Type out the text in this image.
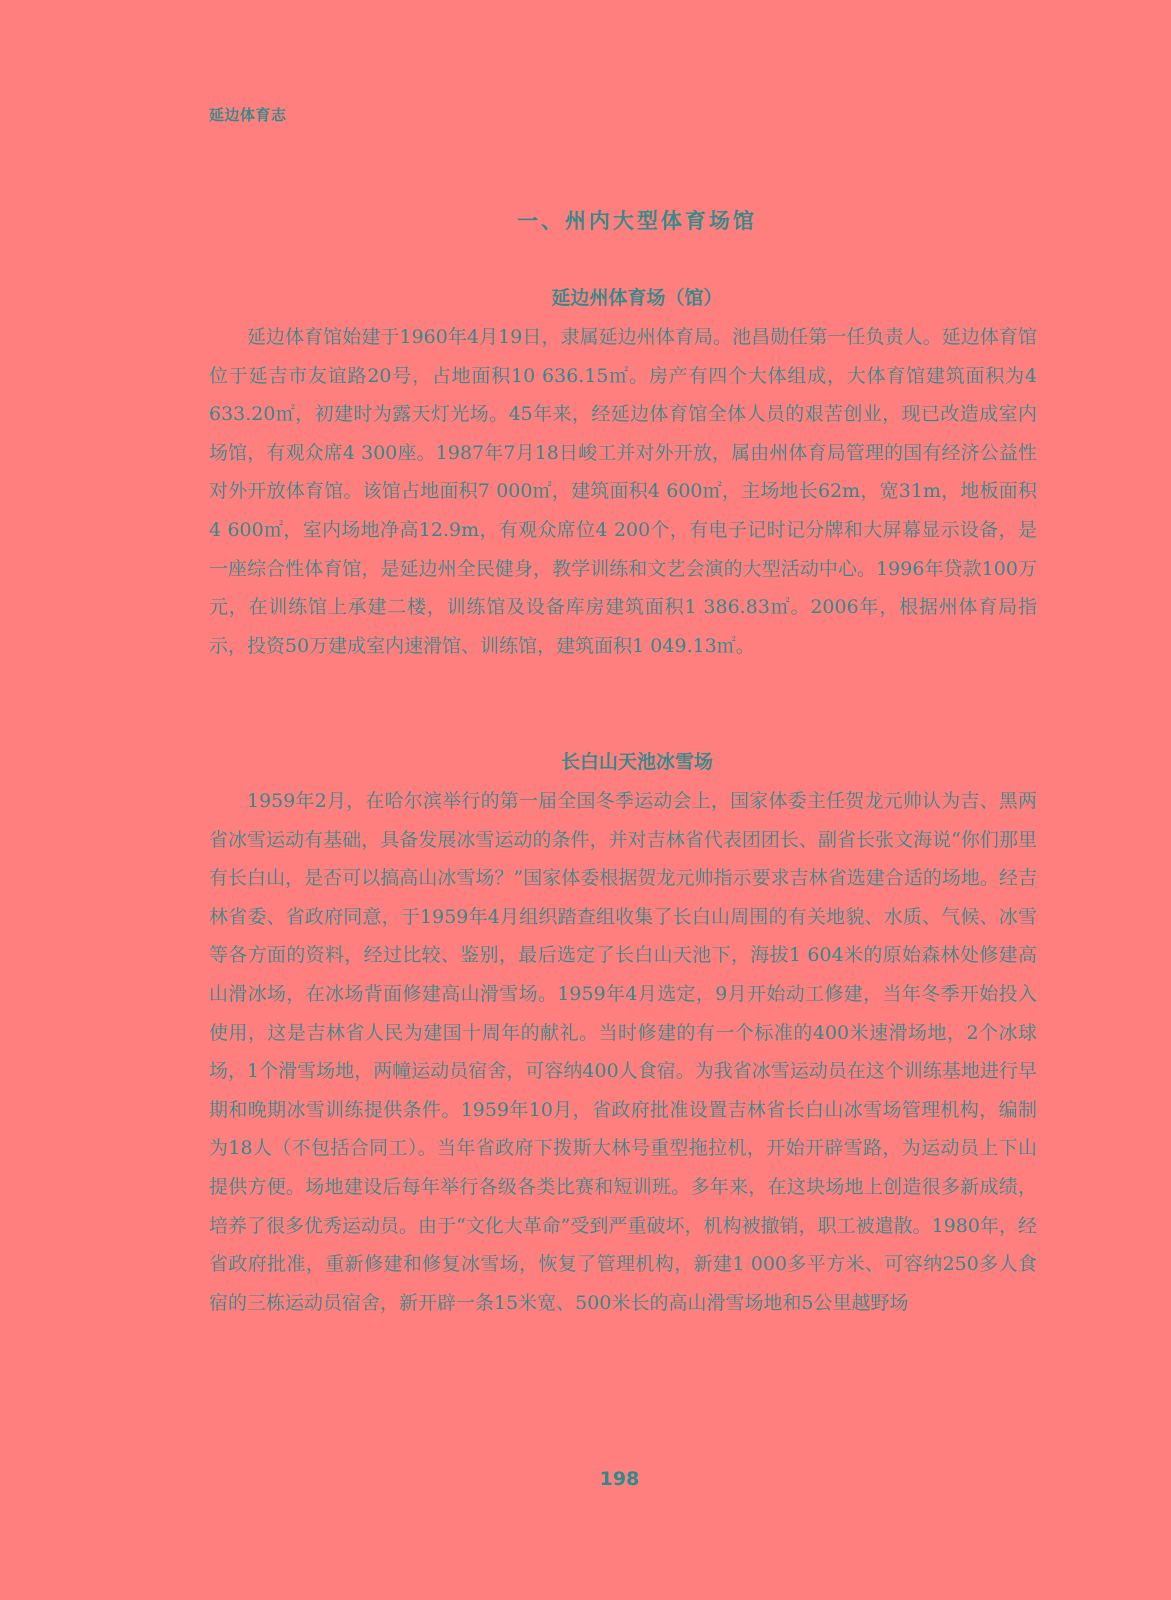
延边体育志
一、州内大型体育场馆
延边州体育场（馆）

延边体育馆始建于1960年4月19日，隶属延边州体育局。池昌勋任第一任负责人。延边体育馆位于延吉市友谊路20号，占地面积10 636.15㎡。房产有四个大体组成，大体育馆建筑面积为4 633.20㎡，初建时为露天灯光场。45年来，经延边体育馆全体人员的艰苦创业，现已改造成室内场馆，有观众席4 300座。1987年7月18日峻工并对外开放，属由州体育局管理的国有经济公益性对外开放体育馆。该馆占地面积7 000㎡，建筑面积4 600㎡，主场地长62m，宽31m，地板面积4 600㎡，室内场地净高12.9m，有观众席位4 200个，有电子记时记分牌和大屏幕显示设备，是一座综合性体育馆，是延边州全民健身，教学训练和文艺会演的大型活动中心。1996年贷款100万元，在训练馆上承建二楼，训练馆及设备库房建筑面积1 386.83㎡。2006年，根据州体育局指示，投资50万建成室内速滑馆、训练馆，建筑面积1 049.13㎡。

长白山天池冰雪场

1959年2月，在哈尔滨举行的第一届全国冬季运动会上，国家体委主任贺龙元帅认为吉、黑两省冰雪运动有基础，具备发展冰雪运动的条件，并对吉林省代表团团长、副省长张文海说“你们那里有长白山，是否可以搞高山冰雪场？”国家体委根据贺龙元帅指示要求吉林省选建合适的场地。经吉林省委、省政府同意，于1959年4月组织踏查组收集了长白山周围的有关地貌、水质、气候、冰雪等各方面的资料，经过比较、鉴别，最后选定了长白山天池下，海拔1 604米的原始森林处修建高山滑冰场，在冰场背面修建高山滑雪场。1959年4月选定，9月开始动工修建，当年冬季开始投入使用，这是吉林省人民为建国十周年的献礼。当时修建的有一个标准的400米速滑场地，2个冰球场，1个滑雪场地，两幢运动员宿舍，可容纳400人食宿。为我省冰雪运动员在这个训练基地进行早期和晚期冰雪训练提供条件。1959年10月，省政府批准设置吉林省长白山冰雪场管理机构，编制为18人（不包括合同工）。当年省政府下拨斯大林号重型拖拉机，开始开辟雪路，为运动员上下山提供方便。场地建设后每年举行各级各类比赛和短训班。多年来，在这块场地上创造很多新成绩，培养了很多优秀运动员。由于“文化大革命”受到严重破坏，机构被撤销，职工被遣散。1980年，经省政府批准，重新修建和修复冰雪场，恢复了管理机构，新建1 000多平方米、可容纳250多人食宿的三栋运动员宿舍，新开辟一条15米宽、500米长的高山滑雪场地和5公里越野场

198
